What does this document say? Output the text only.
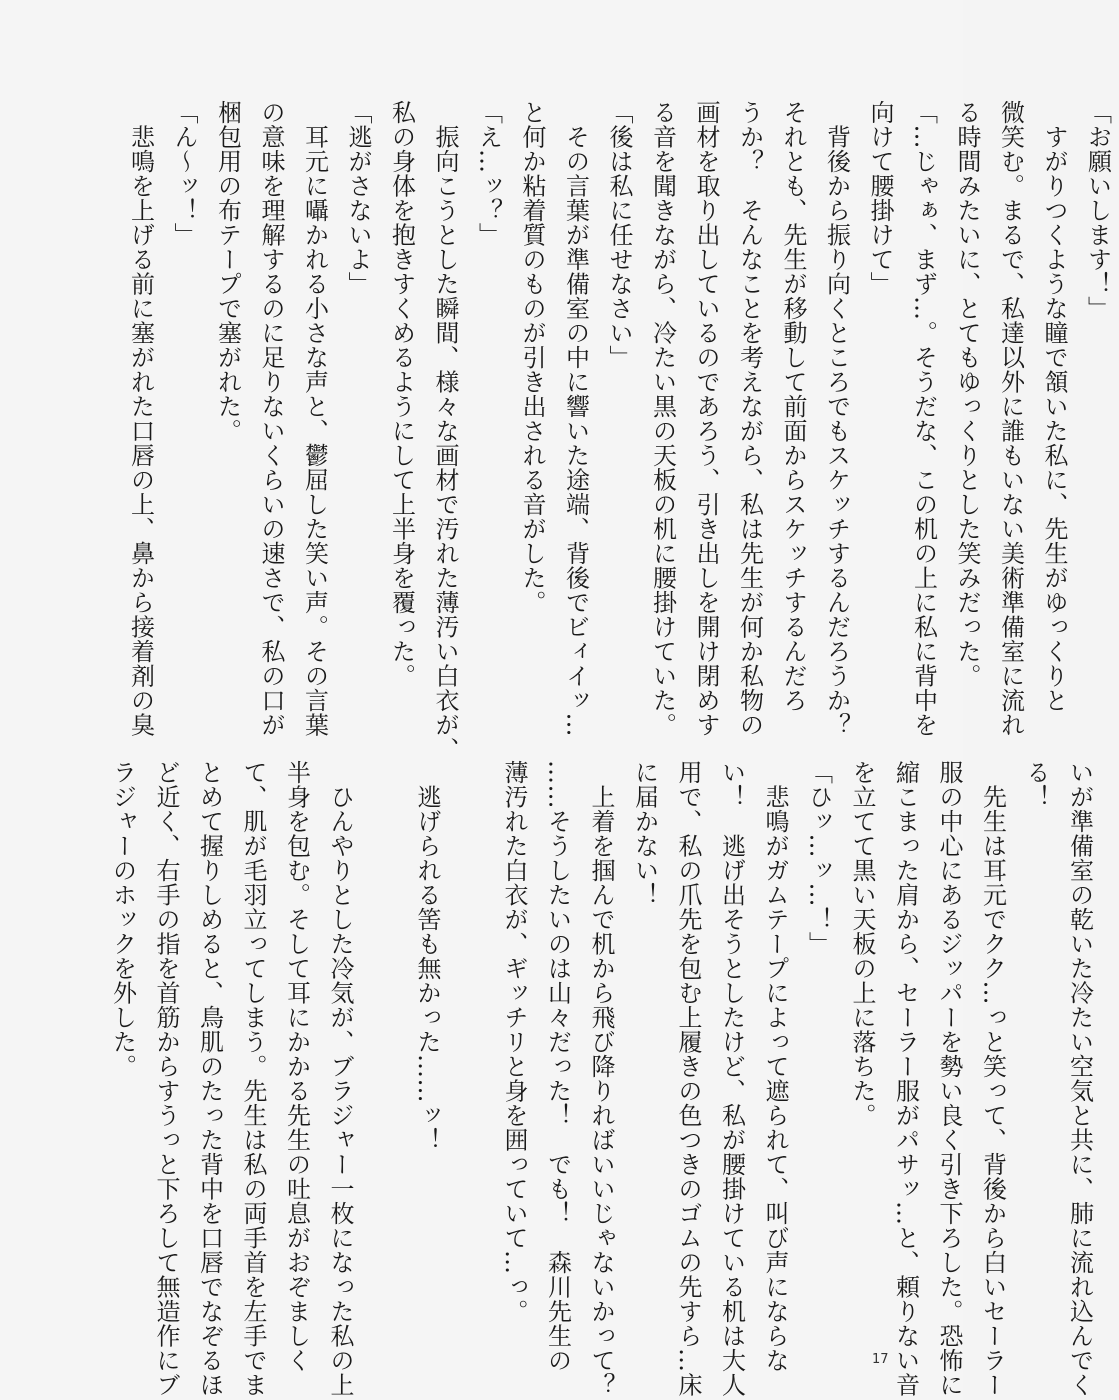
「お願いします！」
　すがりつくような瞳で頷いた私に、先生がゆっくりと
微笑む。まるで、私達以外に誰もいない美術準備室に流れ
る時間みたいに、とてもゆっくりとした笑みだった。
「…じゃぁ、まず…。そうだな、この机の上に私に背中を
向けて腰掛けて」
　背後から振り向くところでもスケッチするんだろうか？
それとも、先生が移動して前面からスケッチするんだろ
うか？　そんなことを考えながら、私は先生が何か私物の
画材を取り出しているのであろう、引き出しを開け閉めす
る音を聞きながら、冷たい黒の天板の机に腰掛けていた。
「後は私に任せなさい」
　その言葉が準備室の中に響いた途端、背後でビィイッ…
と何か粘着質のものが引き出される音がした。
「え…ッ？」
　振向こうとした瞬間、様々な画材で汚れた薄汚い白衣が、
私の身体を抱きすくめるようにして上半身を覆った。
「逃がさないよ」
　耳元に囁かれる小さな声と、鬱屈した笑い声。その言葉
の意味を理解するのに足りないくらいの速さで、私の口が
梱包用の布テープで塞がれた。
「ん～ッ！」
　悲鳴を上げる前に塞がれた口唇の上、鼻から接着剤の臭
いが準備室の乾いた冷たい空気と共に、肺に流れ込んでく
る！
　先生は耳元でクク…っと笑って、背後から白いセーラー
服の中心にあるジッパーを勢い良く引き下ろした。恐怖に
縮こまった肩から、セーラー服がパサッ…と、頼りない音
を立てて黒い天板の上に落ちた。
「ひッ…ッ…！」
　悲鳴がガムテープによって遮られて、叫び声にならな
い！　逃げ出そうとしたけど、私が腰掛けている机は大人
用で、私の爪先を包む上履きの色つきのゴムの先すら…床
に届かない！
　上着を掴んで机から飛び降りればいいじゃないかって？
……そうしたいのは山々だった！　でも！　森川先生の
薄汚れた白衣が、ギッチリと身を囲っていて…っ。

　逃げられる筈も無かった……ッ！

　ひんやりとした冷気が、ブラジャー一枚になった私の上
半身を包む。そして耳にかかる先生の吐息がおぞましく
て、肌が毛羽立ってしまう。先生は私の両手首を左手でま
とめて握りしめると、鳥肌のたった背中を口唇でなぞるほ
ど近く、右手の指を首筋からすうっと下ろして無造作にブ
ラジャーのホックを外した。
17
